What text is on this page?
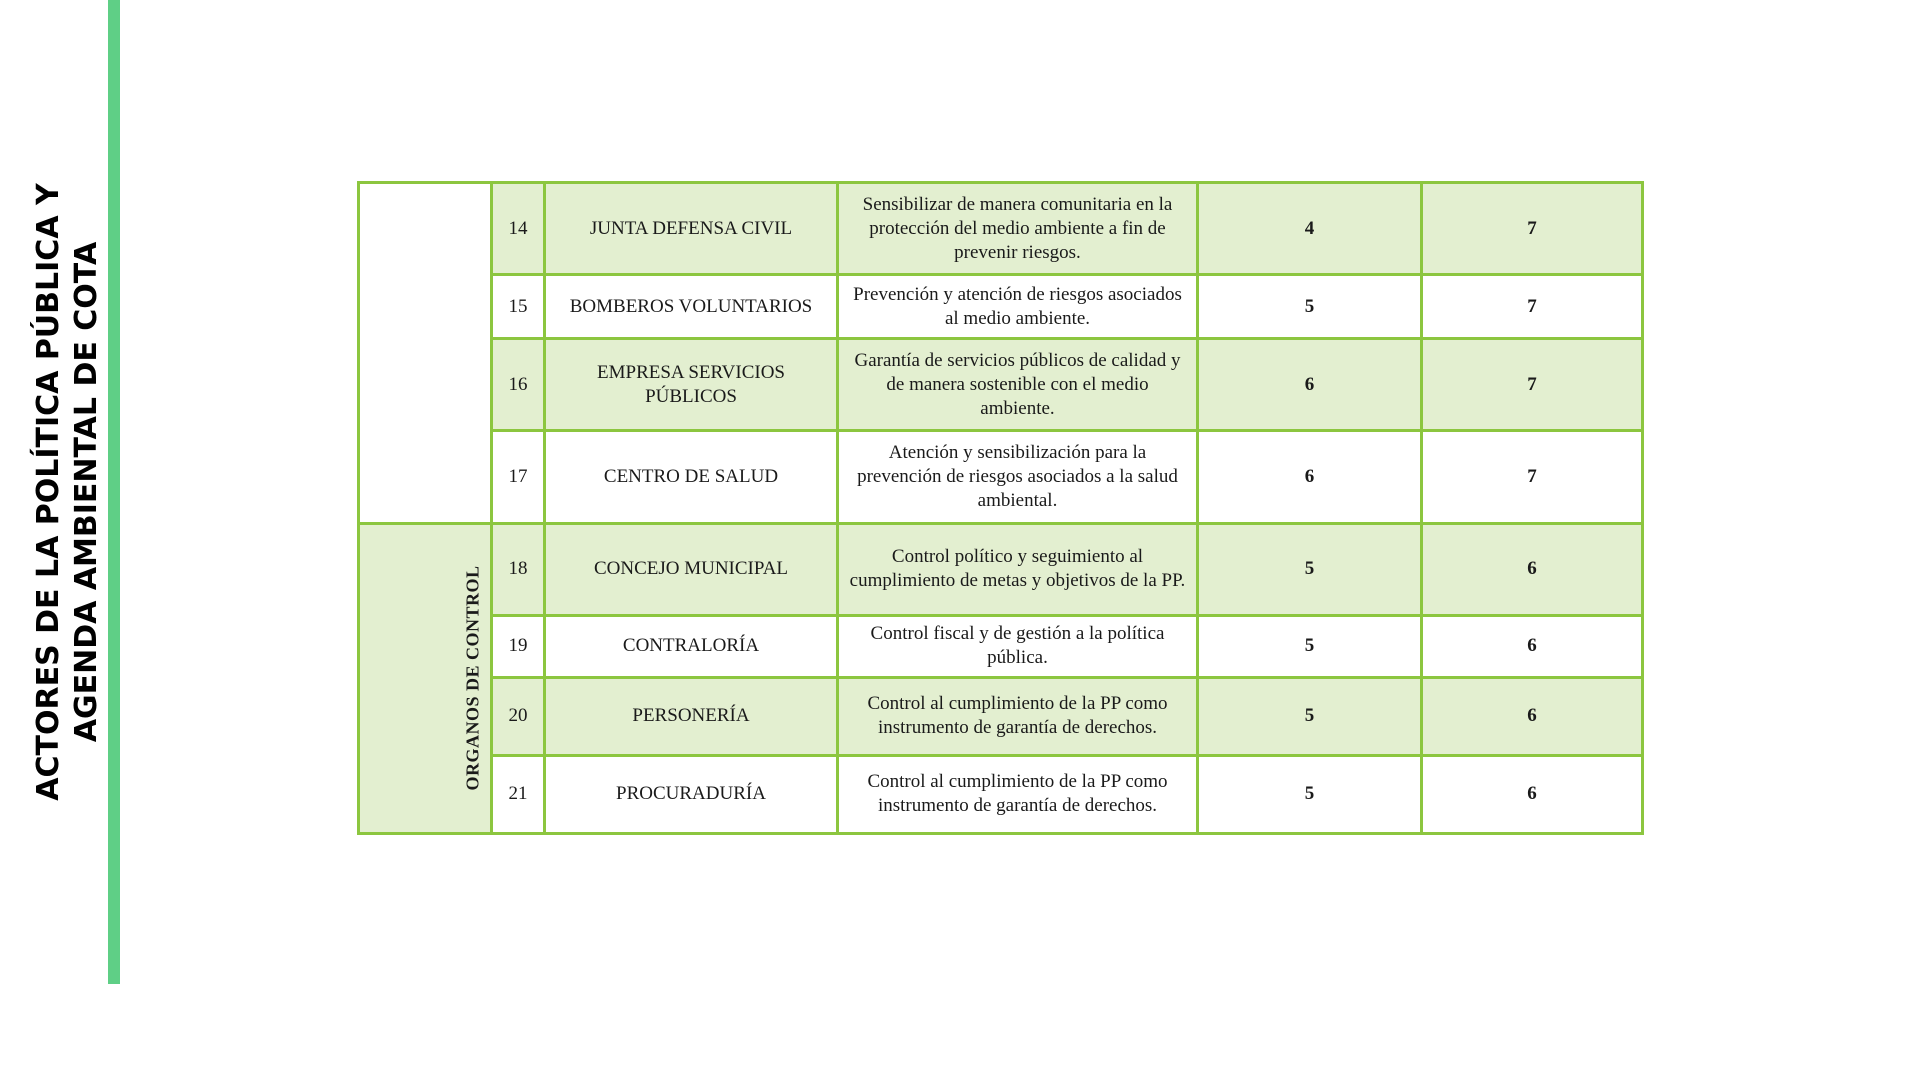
ACTORES DE LA POLÍTICA PÚBLICA Y AGENDA AMBIENTAL DE COTA
	14	JUNTA DEFENSA CIVIL	Sensibilizar de manera comunitaria en la protección del medio ambiente a fin de prevenir riesgos.	4	7
	15	BOMBEROS VOLUNTARIOS	Prevención y atención de riesgos asociados al medio ambiente.	5	7
	16	EMPRESA SERVICIOS PÚBLICOS	Garantía de servicios públicos de calidad y de manera sostenible con el medio ambiente.	6	7
	17	CENTRO DE SALUD	Atención y sensibilización para la prevención de riesgos asociados a la salud ambiental.	6	7
ORGANOS DE CONTROL	18	CONCEJO MUNICIPAL	Control político y seguimiento al cumplimiento de metas y objetivos de la PP.	5	6
	19	CONTRALORÍA	Control fiscal y de gestión a la política pública.	5	6
	20	PERSONERÍA	Control al cumplimiento de la PP como instrumento de garantía de derechos.	5	6
	21	PROCURADURÍA	Control al cumplimiento de la PP como instrumento de garantía de derechos.	5	6
